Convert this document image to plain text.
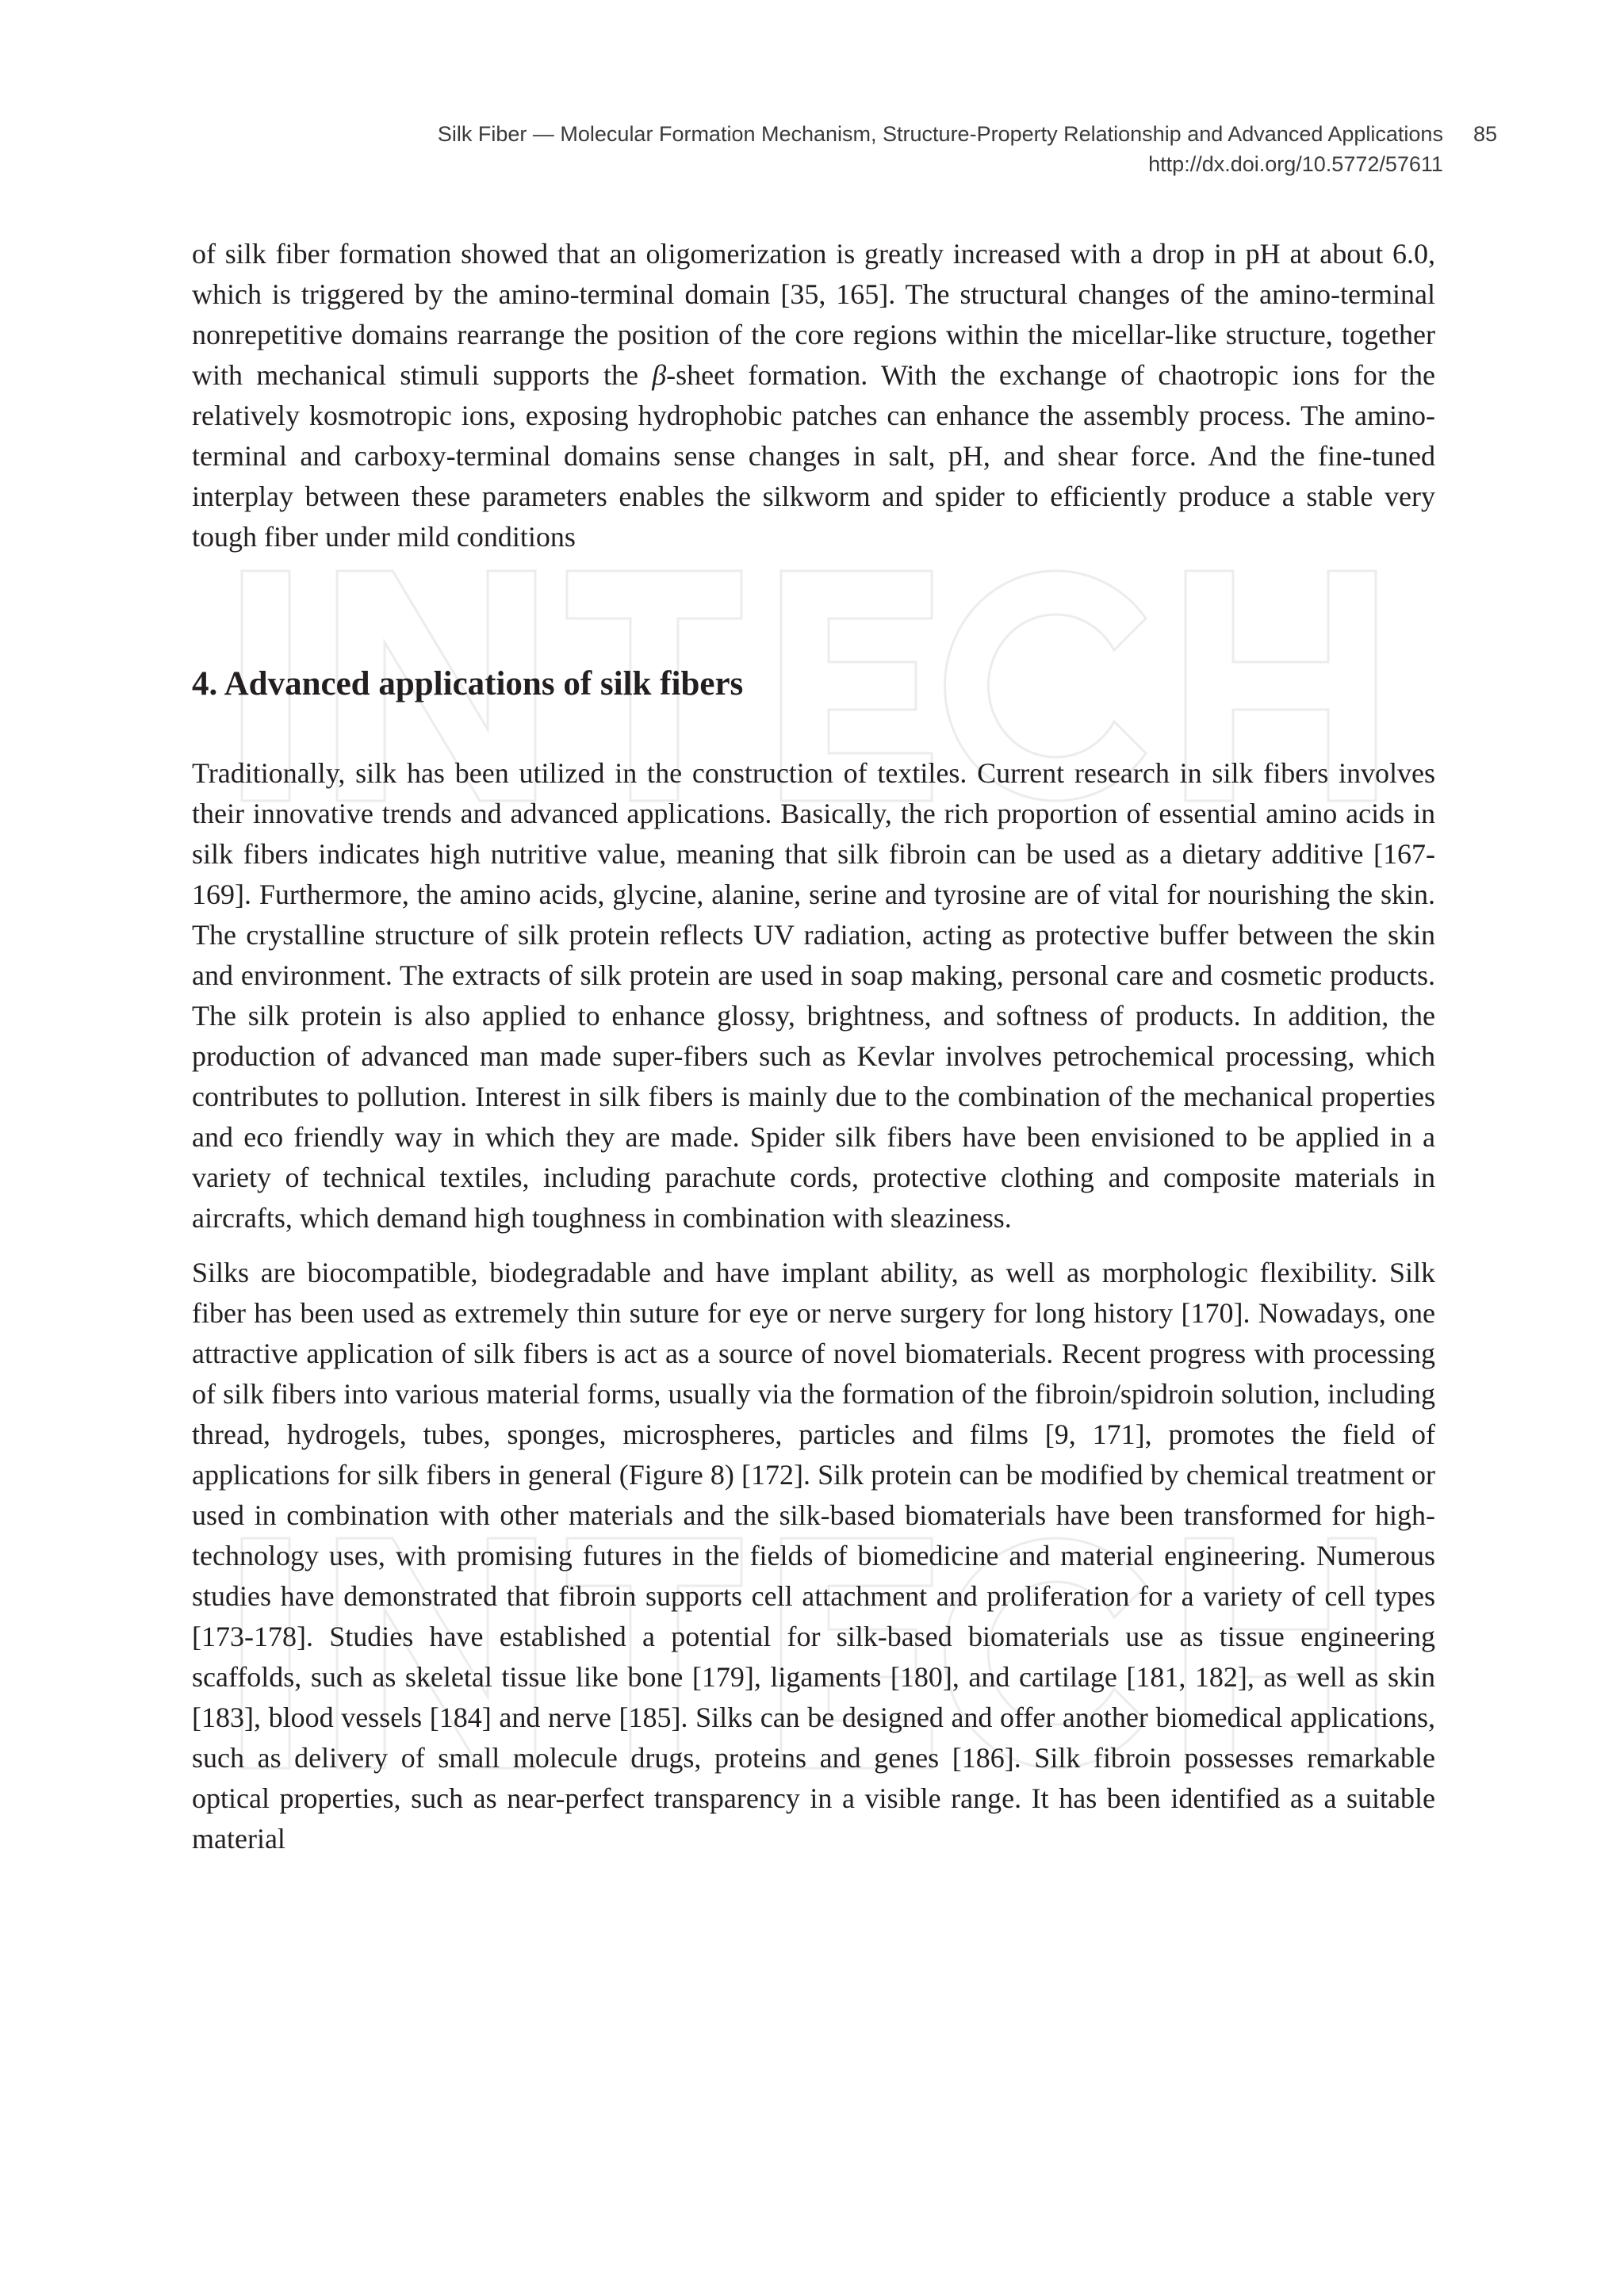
Silk Fiber — Molecular Formation Mechanism, Structure-Property Relationship and Advanced Applications 85
http://dx.doi.org/10.5772/57611

of silk fiber formation showed that an oligomerization is greatly increased with a drop in pH at about 6.0, which is triggered by the amino-terminal domain [35, 165]. The structural changes of the amino-terminal nonrepetitive domains rearrange the position of the core regions within the micellar-like structure, together with mechanical stimuli supports the β-sheet formation. With the exchange of chaotropic ions for the relatively kosmotropic ions, exposing hydrophobic patches can enhance the assembly process. The amino-terminal and carboxy-terminal domains sense changes in salt, pH, and shear force. And the fine-tuned interplay between these parameters enables the silkworm and spider to efficiently produce a stable very tough fiber under mild conditions

4. Advanced applications of silk fibers

Traditionally, silk has been utilized in the construction of textiles. Current research in silk fibers involves their innovative trends and advanced applications. Basically, the rich proportion of essential amino acids in silk fibers indicates high nutritive value, meaning that silk fibroin can be used as a dietary additive [167-169]. Furthermore, the amino acids, glycine, alanine, serine and tyrosine are of vital for nourishing the skin. The crystalline structure of silk protein reflects UV radiation, acting as protective buffer between the skin and environment. The extracts of silk protein are used in soap making, personal care and cosmetic products. The silk protein is also applied to enhance glossy, brightness, and softness of products. In addition, the production of advanced man made super-fibers such as Kevlar involves petrochemical processing, which contributes to pollution. Interest in silk fibers is mainly due to the combination of the mechanical properties and eco friendly way in which they are made. Spider silk fibers have been envisioned to be applied in a variety of technical textiles, including parachute cords, protective clothing and composite materials in aircrafts, which demand high toughness in combination with sleaziness.

Silks are biocompatible, biodegradable and have implant ability, as well as morphologic flexibility. Silk fiber has been used as extremely thin suture for eye or nerve surgery for long history [170]. Nowadays, one attractive application of silk fibers is act as a source of novel biomaterials. Recent progress with processing of silk fibers into various material forms, usually via the formation of the fibroin/spidroin solution, including thread, hydrogels, tubes, sponges, microspheres, particles and films [9, 171], promotes the field of applications for silk fibers in general (Figure 8) [172]. Silk protein can be modified by chemical treatment or used in combination with other materials and the silk-based biomaterials have been transformed for high-technology uses, with promising futures in the fields of biomedicine and material engineering. Numerous studies have demonstrated that fibroin supports cell attachment and proliferation for a variety of cell types [173-178]. Studies have established a potential for silk-based biomaterials use as tissue engineering scaffolds, such as skeletal tissue like bone [179], ligaments [180], and cartilage [181, 182], as well as skin [183], blood vessels [184] and nerve [185]. Silks can be designed and offer another biomedical applications, such as delivery of small molecule drugs, proteins and genes [186]. Silk fibroin possesses remarkable optical properties, such as near-perfect transparency in a visible range. It has been identified as a suitable material
